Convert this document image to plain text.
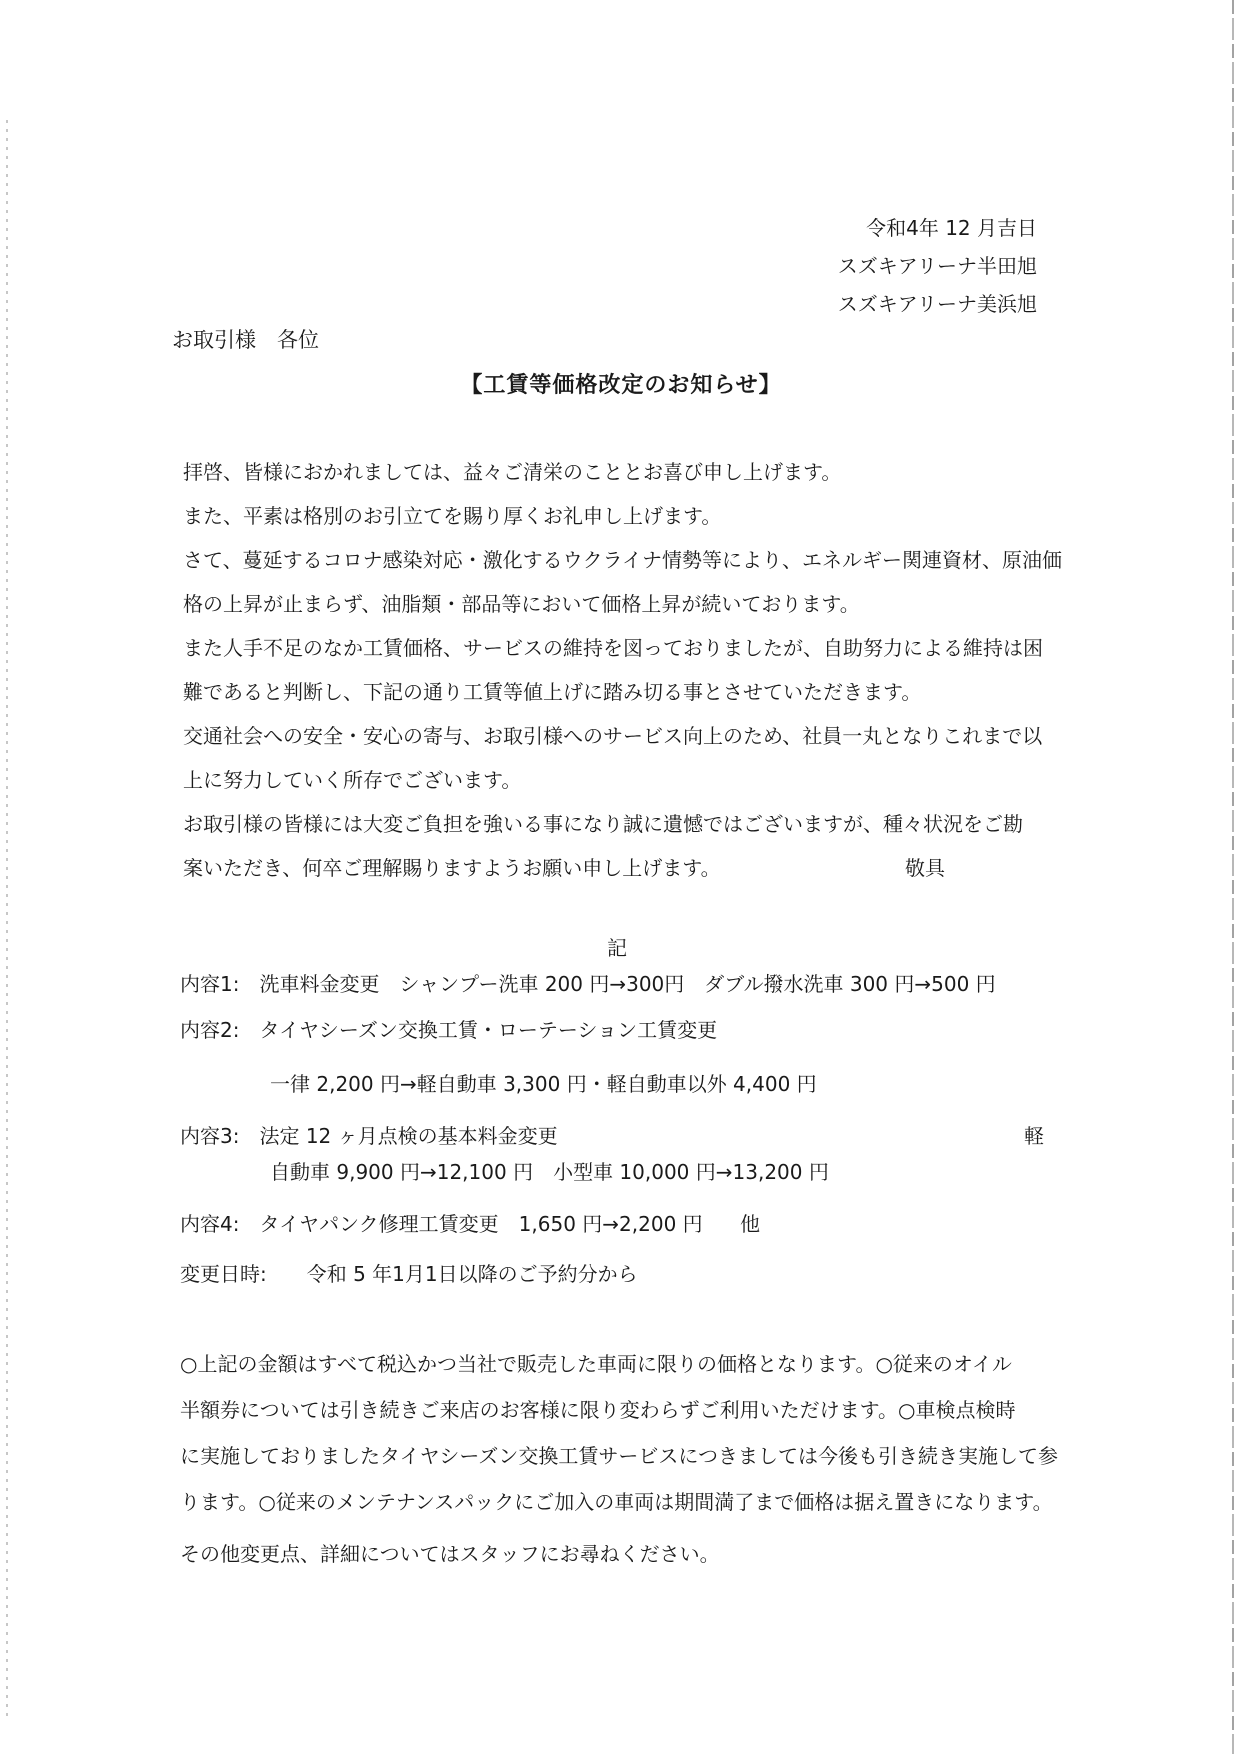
令和4年 12 月吉日
スズキアリーナ半田旭
スズキアリーナ美浜旭
お取引様　各位
【工賃等価格改定のお知らせ】
拝啓、皆様におかれましては、益々ご清栄のこととお喜び申し上げます。
また、平素は格別のお引立てを賜り厚くお礼申し上げます。
さて、蔓延するコロナ感染対応・激化するウクライナ情勢等により、エネルギー関連資材、原油価
格の上昇が止まらず、油脂類・部品等において価格上昇が続いております。
また人手不足のなか工賃価格、サービスの維持を図っておりましたが、自助努力による維持は困
難であると判断し、下記の通り工賃等値上げに踏み切る事とさせていただきます。
交通社会への安全・安心の寄与、お取引様へのサービス向上のため、社員一丸となりこれまで以
上に努力していく所存でございます。
お取引様の皆様には大変ご負担を強いる事になり誠に遺憾ではございますが、種々状況をご勘
案いただき、何卒ご理解賜りますようお願い申し上げます。	敬具
記
内容1:　洗車料金変更　シャンプー洗車 200 円→300円　ダブル撥水洗車 300 円→500 円
内容2:　タイヤシーズン交換工賃・ローテーション工賃変更
一律 2,200 円→軽自動車 3,300 円・軽自動車以外 4,400 円
内容3:　法定 12 ヶ月点検の基本料金変更	軽
自動車 9,900 円→12,100 円　小型車 10,000 円→13,200 円
内容4:　タイヤパンク修理工賃変更　1,650 円→2,200 円 他
変更日時:　　令和 5 年1月1日以降のご予約分から
○上記の金額はすべて税込かつ当社で販売した車両に限りの価格となります。○従来のオイル
半額券については引き続きご来店のお客様に限り変わらずご利用いただけます。○車検点検時
に実施しておりましたタイヤシーズン交換工賃サービスにつきましては今後も引き続き実施して参
ります。○従来のメンテナンスパックにご加入の車両は期間満了まで価格は据え置きになります。
その他変更点、詳細についてはスタッフにお尋ねください。
